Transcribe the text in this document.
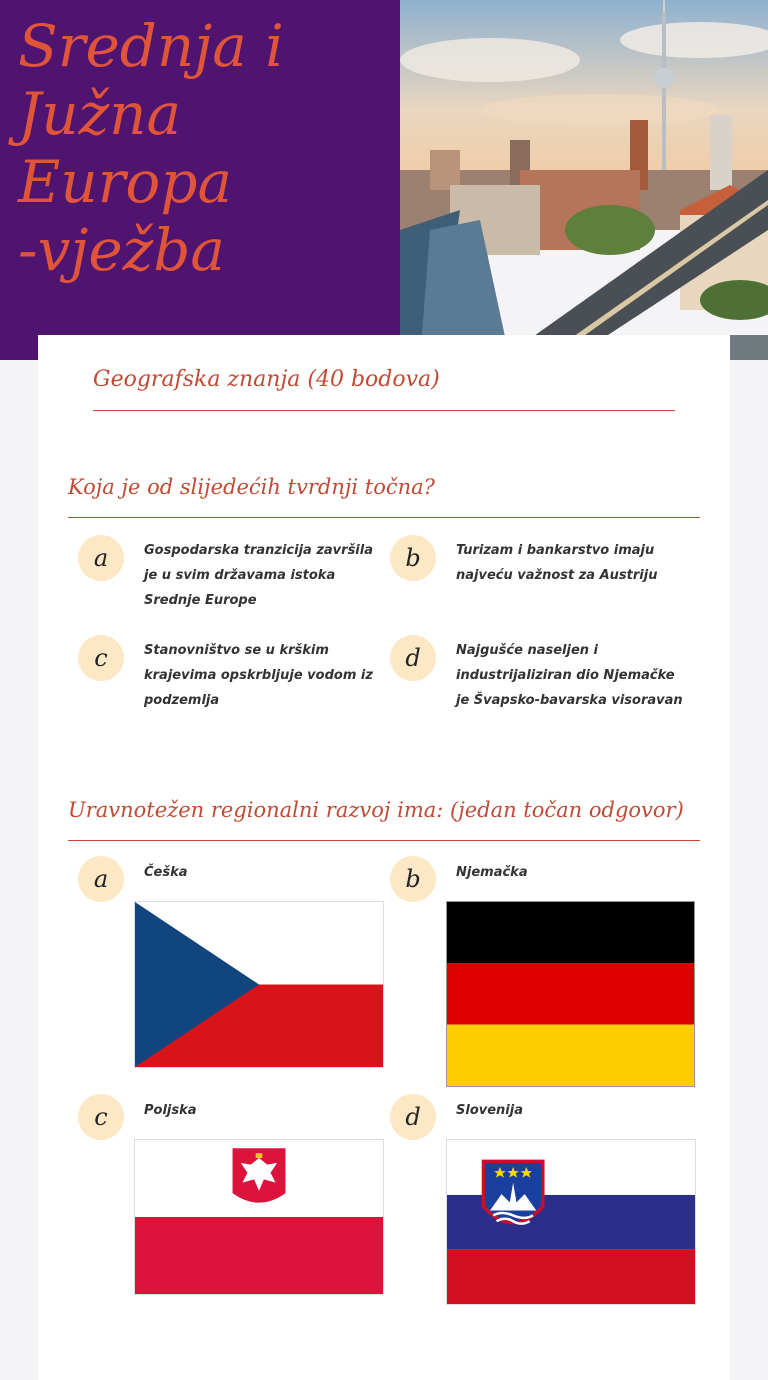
Srednja i
Južna Europa
-vježba
Geografska znanja (40 bodova)
Koja je od slijedećih tvrdnji točna?
a	Gospodarska tranzicija završila je u svim državama istoka Srednje Europe
b	Turizam i bankarstvo imaju najveću važnost za Austriju
c	Stanovništvo se u krškim krajevima opskrbljuje vodom iz podzemlja
d	Najgušće naseljen i industrijaliziran dio Njemačke je Švapsko-bavarska visoravan
Uravnotežen regionalni razvoj ima: (jedan točan odgovor)
a	Češka	b	Njemačka
c	Poljska	d	Slovenija
